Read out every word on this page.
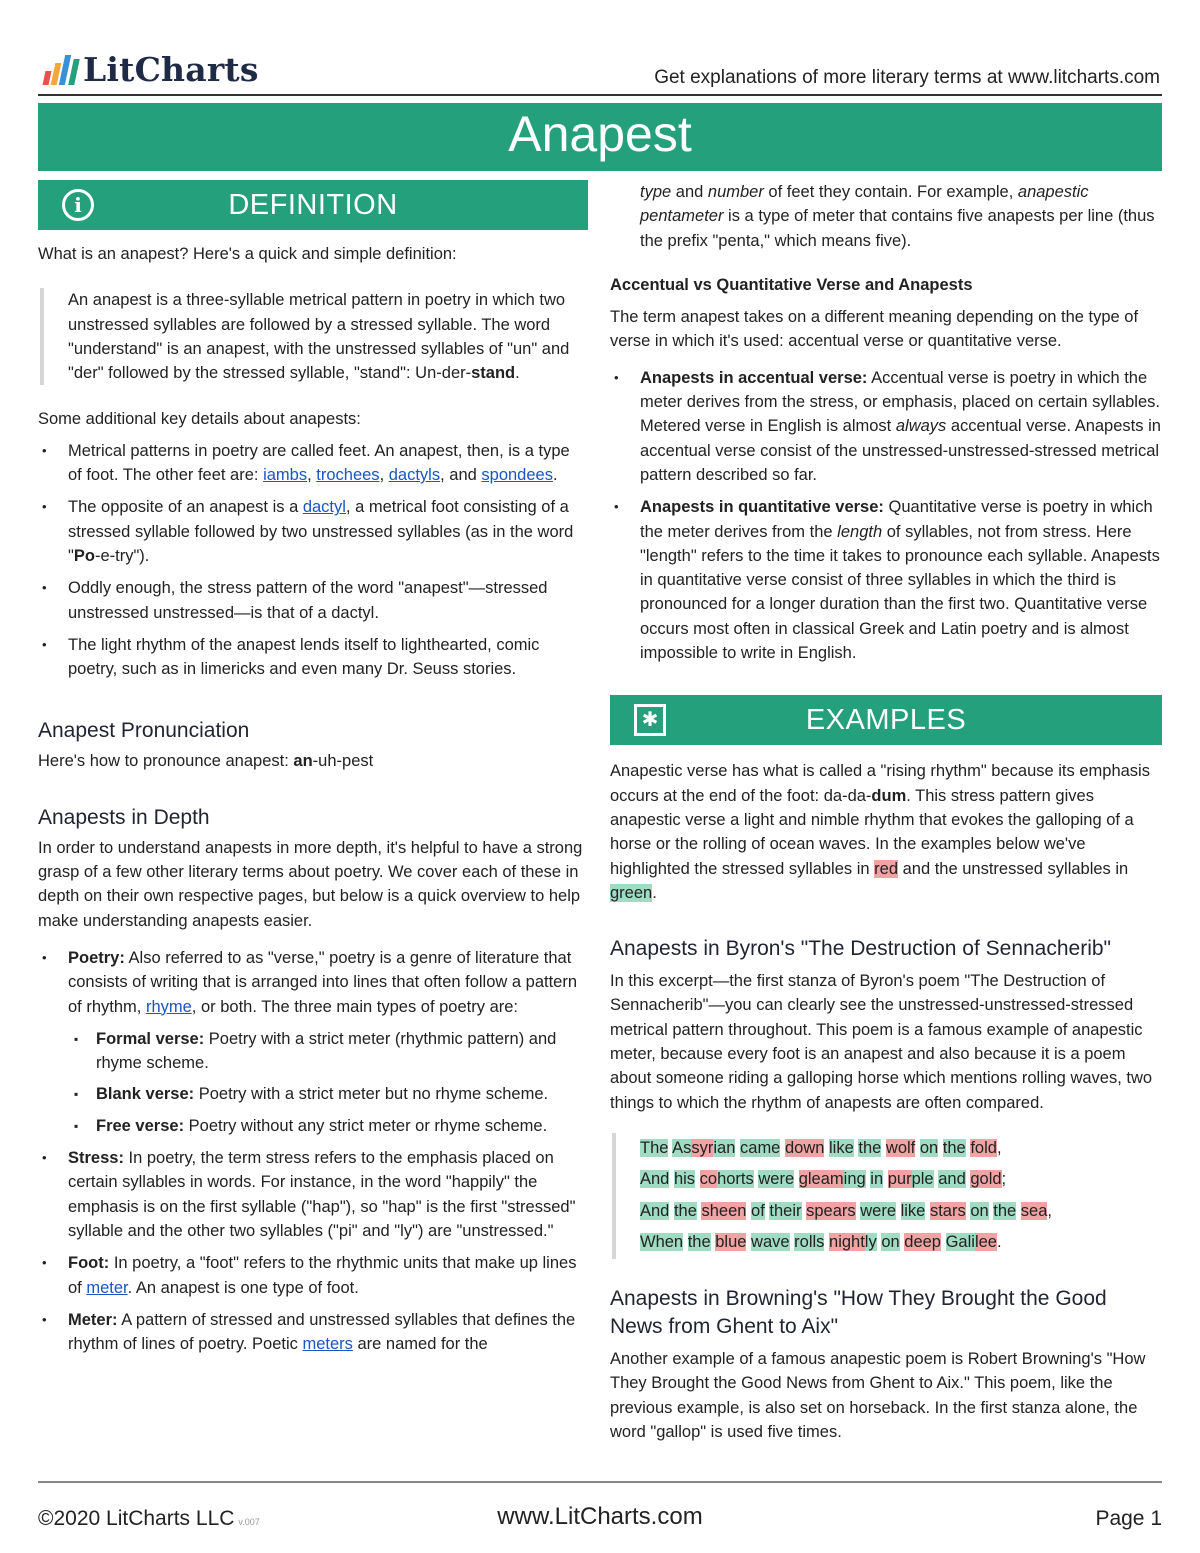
LitCharts	Get explanations of more literary terms at www.litcharts.com
Anapest
i	DEFINITION

What is an anapest? Here's a quick and simple definition:

An anapest is a three-syllable metrical pattern in poetry in which two unstressed syllables are followed by a stressed syllable. The word "understand" is an anapest, with the unstressed syllables of "un" and "der" followed by the stressed syllable, "stand": Un-der-stand.

Some additional key details about anapests:

• Metrical patterns in poetry are called feet. An anapest, then, is a type of foot. The other feet are: iambs, trochees, dactyls, and spondees.
• The opposite of an anapest is a dactyl, a metrical foot consisting of a stressed syllable followed by two unstressed syllables (as in the word "Po-e-try").
• Oddly enough, the stress pattern of the word "anapest"—stressed unstressed unstressed—is that of a dactyl.
• The light rhythm of the anapest lends itself to lighthearted, comic poetry, such as in limericks and even many Dr. Seuss stories.
Anapest Pronunciation

Here's how to pronounce anapest: an-uh-pest

Anapests in Depth

In order to understand anapests in more depth, it's helpful to have a strong grasp of a few other literary terms about poetry. We cover each of these in depth on their own respective pages, but below is a quick overview to help make understanding anapests easier.

• Poetry: Also referred to as "verse," poetry is a genre of literature that consists of writing that is arranged into lines that often follow a pattern of rhythm, rhyme, or both. The three main types of poetry are:
▪ Formal verse: Poetry with a strict meter (rhythmic pattern) and rhyme scheme.
▪ Blank verse: Poetry with a strict meter but no rhyme scheme.
▪ Free verse: Poetry without any strict meter or rhyme scheme.
• Stress: In poetry, the term stress refers to the emphasis placed on certain syllables in words. For instance, in the word "happily" the emphasis is on the first syllable ("hap"), so "hap" is the first "stressed" syllable and the other two syllables ("pi" and "ly") are "unstressed."
• Foot: In poetry, a "foot" refers to the rhythmic units that make up lines of meter. An anapest is one type of foot.
• Meter: A pattern of stressed and unstressed syllables that defines the rhythm of lines of poetry. Poetic meters are named for the

type and number of feet they contain. For example, anapestic pentameter is a type of meter that contains five anapests per line (thus the prefix "penta," which means five).

Accentual vs Quantitative Verse and Anapests

The term anapest takes on a different meaning depending on the type of verse in which it's used: accentual verse or quantitative verse.

• Anapests in accentual verse: Accentual verse is poetry in which the meter derives from the stress, or emphasis, placed on certain syllables. Metered verse in English is almost always accentual verse. Anapests in accentual verse consist of the unstressed-unstressed-stressed metrical pattern described so far.
• Anapests in quantitative verse: Quantitative verse is poetry in which the meter derives from the length of syllables, not from stress. Here "length" refers to the time it takes to pronounce each syllable. Anapests in quantitative verse consist of three syllables in which the third is pronounced for a longer duration than the first two. Quantitative verse occurs most often in classical Greek and Latin poetry and is almost impossible to write in English.
✱	EXAMPLES

Anapestic verse has what is called a "rising rhythm" because its emphasis occurs at the end of the foot: da-da-dum. This stress pattern gives anapestic verse a light and nimble rhythm that evokes the galloping of a horse or the rolling of ocean waves. In the examples below we've highlighted the stressed syllables in red and the unstressed syllables in green.

Anapests in Byron's "The Destruction of Sennacherib"

In this excerpt—the first stanza of Byron's poem "The Destruction of Sennacherib"—you can clearly see the unstressed-unstressed-stressed metrical pattern throughout. This poem is a famous example of anapestic meter, because every foot is an anapest and also because it is a poem about someone riding a galloping horse which mentions rolling waves, two things to which the rhythm of anapests are often compared.

The Assyrian came down like the wolf on the fold,
And his cohorts were gleaming in purple and gold;
And the sheen of their spears were like stars on the sea,
When the blue wave rolls nightly on deep Galilee.
Anapests in Browning's "How They Brought the Good News from Ghent to Aix"

Another example of a famous anapestic poem is Robert Browning's "How They Brought the Good News from Ghent to Aix." This poem, like the previous example, is also set on horseback. In the first stanza alone, the word "gallop" is used five times.

©2020 LitCharts LLC v.007	www.LitCharts.com	Page 1
